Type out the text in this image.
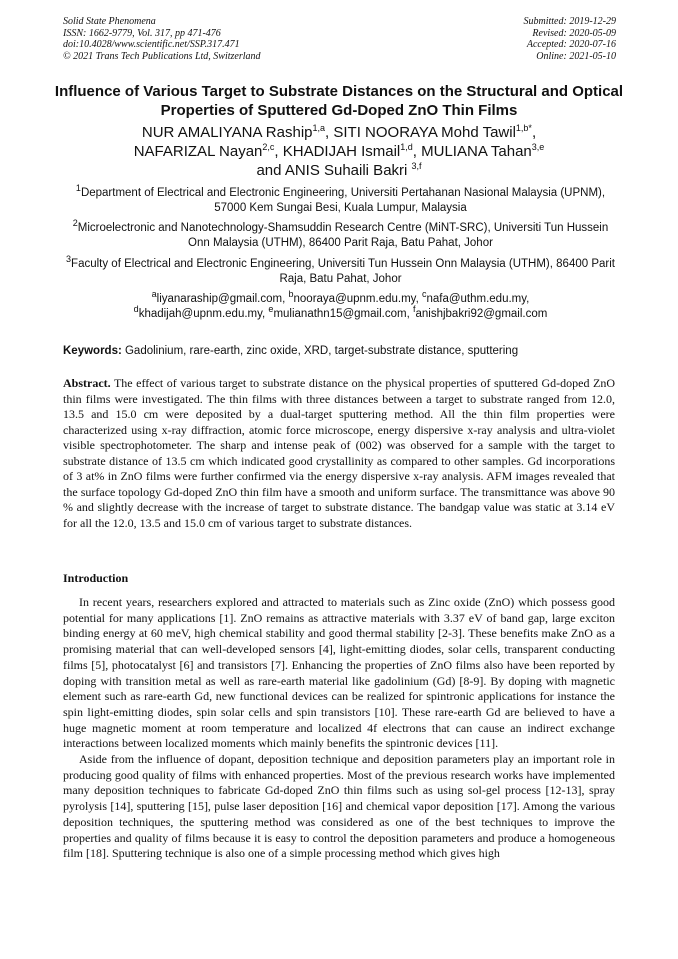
Solid State Phenomena
ISSN: 1662-9779, Vol. 317, pp 471-476
doi:10.4028/www.scientific.net/SSP.317.471
© 2021 Trans Tech Publications Ltd, Switzerland
Submitted: 2019-12-29
Revised: 2020-05-09
Accepted: 2020-07-16
Online: 2021-05-10
Influence of Various Target to Substrate Distances on the Structural and Optical Properties of Sputtered Gd-Doped ZnO Thin Films
NUR AMALIYANA Raship$^{1,a}$, SITI NOORAYA Mohd Tawil$^{1,b*}$,
NAFARIZAL Nayan$^{2,c}$, KHADIJAH Ismail$^{1,d}$, MULIANA Tahan$^{3,e}$
and ANIS Suhaili Bakri $^{3,f}$
$^1$Department of Electrical and Electronic Engineering, Universiti Pertahanan Nasional Malaysia (UPNM), 57000 Kem Sungai Besi, Kuala Lumpur, Malaysia
$^2$Microelectronic and Nanotechnology-Shamsuddin Research Centre (MiNT-SRC), Universiti Tun Hussein Onn Malaysia (UTHM), 86400 Parit Raja, Batu Pahat, Johor
$^3$Faculty of Electrical and Electronic Engineering, Universiti Tun Hussein Onn Malaysia (UTHM), 86400 Parit Raja, Batu Pahat, Johor
$^a$liyanaraship@gmail.com, $^b$nooraya@upnm.edu.my, $^c$nafa@uthm.edu.my,
$^d$khadijah@upnm.edu.my, $^e$mulianathn15@gmail.com, $^f$anishjbakri92@gmail.com
Keywords: Gadolinium, rare-earth, zinc oxide, XRD, target-substrate distance, sputtering
Abstract. The effect of various target to substrate distance on the physical properties of sputtered Gd-doped ZnO thin films were investigated. The thin films with three distances between a target to substrate ranged from 12.0, 13.5 and 15.0 cm were deposited by a dual-target sputtering method. All the thin film properties were characterized using x-ray diffraction, atomic force microscope, energy dispersive x-ray analysis and ultra-violet visible spectrophotometer. The sharp and intense peak of (002) was observed for a sample with the target to substrate distance of 13.5 cm which indicated good crystallinity as compared to other samples. Gd incorporations of 3 at% in ZnO films were further confirmed via the energy dispersive x-ray analysis. AFM images revealed that the surface topology Gd-doped ZnO thin film have a smooth and uniform surface. The transmittance was above 90 % and slightly decrease with the increase of target to substrate distance. The bandgap value was static at 3.14 eV for all the 12.0, 13.5 and 15.0 cm of various target to substrate distances.
Introduction

In recent years, researchers explored and attracted to materials such as Zinc oxide (ZnO) which possess good potential for many applications [1]. ZnO remains as attractive materials with 3.37 eV of band gap, large exciton binding energy at 60 meV, high chemical stability and good thermal stability [2-3]. These benefits make ZnO as a promising material that can well-developed sensors [4], light-emitting diodes, solar cells, transparent conducting films [5], photocatalyst [6] and transistors [7]. Enhancing the properties of ZnO films also have been reported by doping with transition metal as well as rare-earth material like gadolinium (Gd) [8-9]. By doping with magnetic element such as rare-earth Gd, new functional devices can be realized for spintronic applications for instance the spin light-emitting diodes, spin solar cells and spin transistors [10]. These rare-earth Gd are believed to have a huge magnetic moment at room temperature and localized 4f electrons that can cause an indirect exchange interactions between localized moments which mainly benefits the spintronic devices [11].

Aside from the influence of dopant, deposition technique and deposition parameters play an important role in producing good quality of films with enhanced properties. Most of the previous research works have implemented many deposition techniques to fabricate Gd-doped ZnO thin films such as using sol-gel process [12-13], spray pyrolysis [14], sputtering [15], pulse laser deposition [16] and chemical vapor deposition [17]. Among the various deposition techniques, the sputtering method was considered as one of the best techniques to improve the properties and quality of films because it is easy to control the deposition parameters and produce a homogeneous film [18]. Sputtering technique is also one of a simple processing method which gives high
